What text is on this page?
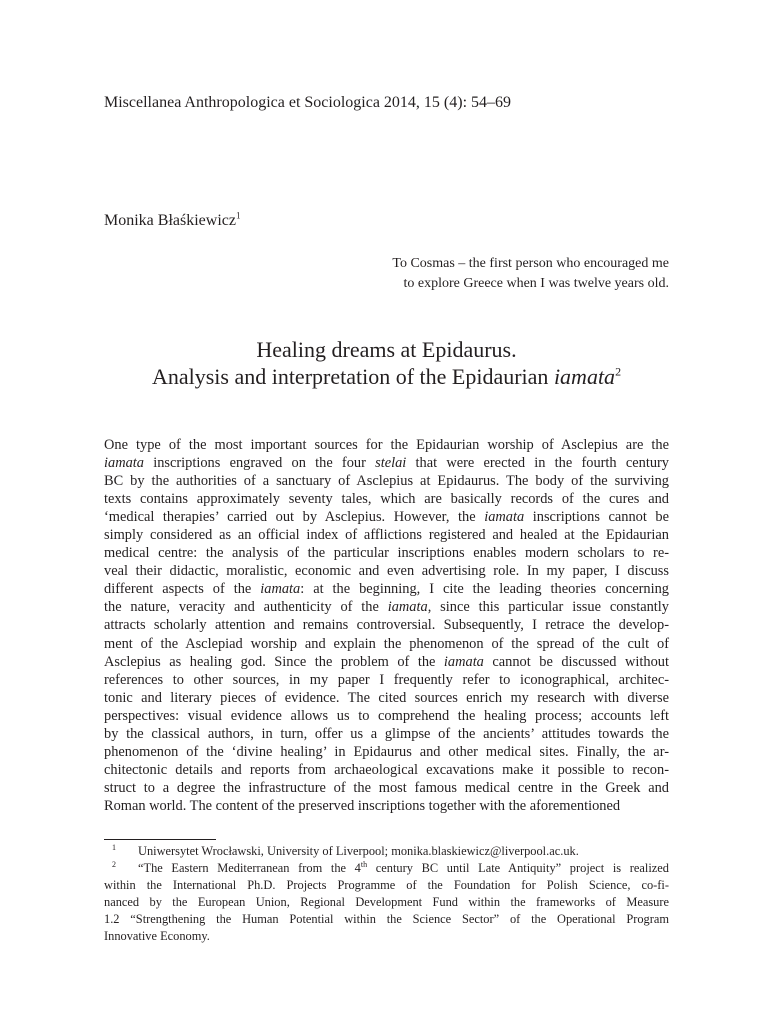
Miscellanea Anthropologica et Sociologica 2014, 15 (4): 54–69
Monika Błaśkiewicz$^1$
To Cosmas – the first person who encouraged me
to explore Greece when I was twelve years old.
Healing dreams at Epidaurus.
Analysis and interpretation of the Epidaurian iamata$^2$
One type of the most important sources for the Epidaurian worship of Asclepius are the
iamata inscriptions engraved on the four stelai that were erected in the fourth century
BC by the authorities of a sanctuary of Asclepius at Epidaurus. The body of the surviving
texts contains approximately seventy tales, which are basically records of the cures and
‘medical therapies’ carried out by Asclepius. However, the iamata inscriptions cannot be
simply considered as an official index of afflictions registered and healed at the Epidaurian
medical centre: the analysis of the particular inscriptions enables modern scholars to re-
veal their didactic, moralistic, economic and even advertising role. In my paper, I discuss
different aspects of the iamata: at the beginning, I cite the leading theories concerning
the nature, veracity and authenticity of the iamata, since this particular issue constantly
attracts scholarly attention and remains controversial. Subsequently, I retrace the develop-
ment of the Asclepiad worship and explain the phenomenon of the spread of the cult of
Asclepius as healing god. Since the problem of the iamata cannot be discussed without
references to other sources, in my paper I frequently refer to iconographical, architec-
tonic and literary pieces of evidence. The cited sources enrich my research with diverse
perspectives: visual evidence allows us to comprehend the healing process; accounts left
by the classical authors, in turn, offer us a glimpse of the ancients’ attitudes towards the
phenomenon of the ‘divine healing’ in Epidaurus and other medical sites. Finally, the ar-
chitectonic details and reports from archaeological excavations make it possible to recon-
struct to a degree the infrastructure of the most famous medical centre in the Greek and
Roman world. The content of the preserved inscriptions together with the aforementioned
1 Uniwersytet Wrocławski, University of Liverpool; monika.blaskiewicz@liverpool.ac.uk.
2 “The Eastern Mediterranean from the 4th century BC until Late Antiquity” project is realized
within the International Ph.D. Projects Programme of the Foundation for Polish Science, co-fi-
nanced by the European Union, Regional Development Fund within the frameworks of Measure
1.2 “Strengthening the Human Potential within the Science Sector” of the Operational Program
Innovative Economy.
